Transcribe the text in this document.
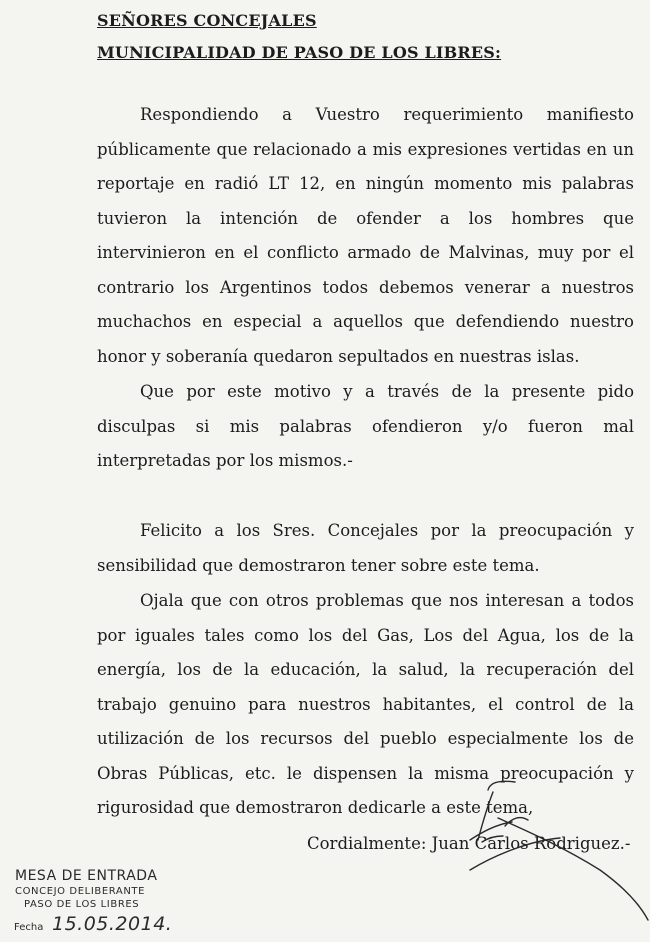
SEÑORES CONCEJALES
MUNICIPALIDAD DE PASO DE LOS LIBRES:
Respondiendo a Vuestro requerimiento manifiesto públicamente que relacionado a mis expresiones vertidas en un reportaje en radió LT 12, en ningún momento mis palabras tuvieron la intención de ofender a los hombres que intervinieron en el conflicto armado de Malvinas, muy por el contrario los Argentinos todos debemos venerar a nuestros muchachos en especial a aquellos que defendiendo nuestro honor y soberanía quedaron sepultados en nuestras islas.
Que por este motivo y a través de la presente pido disculpas si mis palabras ofendieron y/o fueron mal interpretadas por los mismos.-
Felicito a los Sres. Concejales por la preocupación y sensibilidad que demostraron tener sobre este tema.
Ojala que con otros problemas que nos interesan a todos por iguales tales como los del Gas, Los del Agua, los de la energía, los de la educación, la salud, la recuperación del trabajo genuino para nuestros habitantes, el control de la utilización de los recursos del pueblo especialmente los de Obras Públicas, etc. le dispensen la misma preocupación y rigurosidad que demostraron dedicarle a este tema,
Cordialmente: Juan Carlos Rodriguez.-
MESA DE ENTRADA
CONCEJO DELIBERANTE
PASO DE LOS LIBRES
Fecha 15.05.2014.
